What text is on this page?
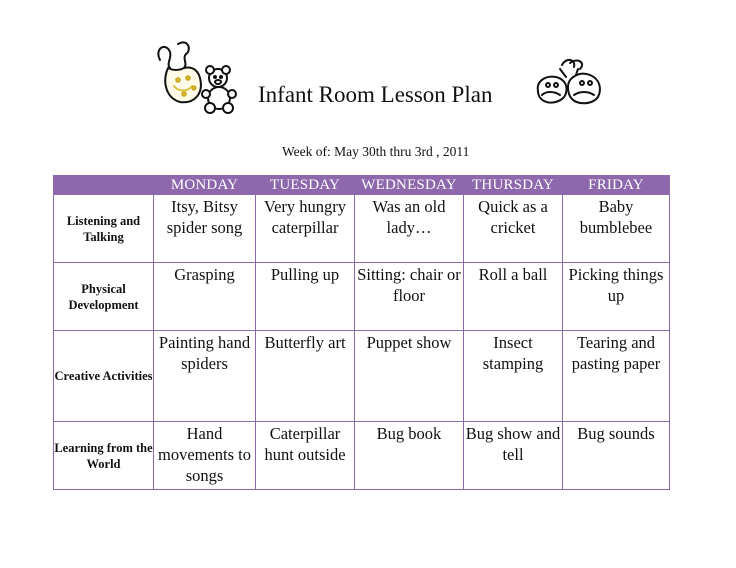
Infant Room Lesson Plan
Week of: May 30th thru 3rd , 2011
	MONDAY	TUESDAY	WEDNESDAY	THURSDAY	FRIDAY
Listening and Talking	Itsy, Bitsy spider song	Very hungry caterpillar	Was an old lady…	Quick as a cricket	Baby bumblebee
Physical Development	Grasping	Pulling up	Sitting: chair or floor	Roll a ball	Picking things up
Creative Activities	Painting hand spiders	Butterfly art	Puppet show	Insect stamping	Tearing and pasting paper
Learning from the World	Hand movements to songs	Caterpillar hunt outside	Bug book	Bug show and tell	Bug sounds
